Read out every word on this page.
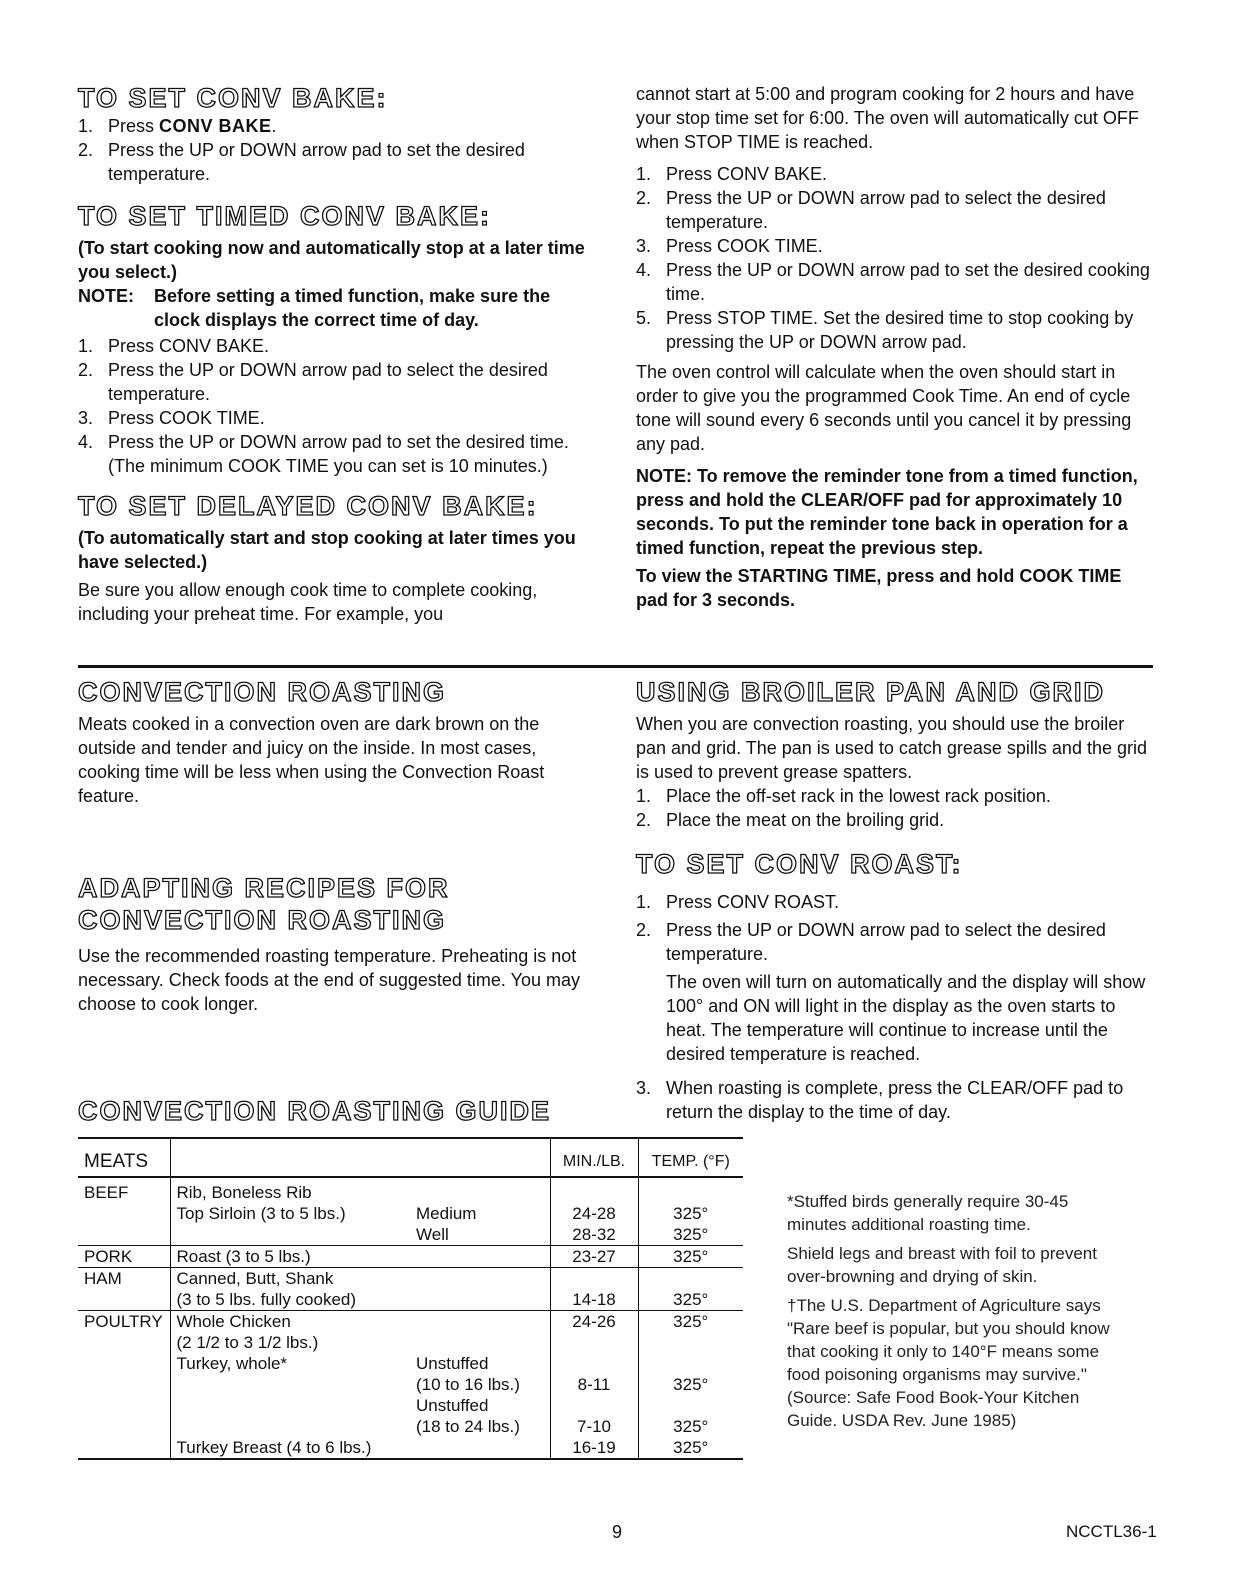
TO SET CONV BAKE:
1. Press CONV BAKE.
2. Press the UP or DOWN arrow pad to set the desired temperature.
TO SET TIMED CONV BAKE:

(To start cooking now and automatically stop at a later time you select.)

NOTE:	Before setting a timed function, make sure the clock displays the correct time of day.
1. Press CONV BAKE.
2. Press the UP or DOWN arrow pad to select the desired temperature.
3. Press COOK TIME.
4. Press the UP or DOWN arrow pad to set the desired time. (The minimum COOK TIME you can set is 10 minutes.)
TO SET DELAYED CONV BAKE:

(To automatically start and stop cooking at later times you have selected.)

Be sure you allow enough cook time to complete cooking, including your preheat time. For example, you

cannot start at 5:00 and program cooking for 2 hours and have your stop time set for 6:00. The oven will automatically cut OFF when STOP TIME is reached.

1. Press CONV BAKE.
2. Press the UP or DOWN arrow pad to select the desired temperature.
3. Press COOK TIME.
4. Press the UP or DOWN arrow pad to set the desired cooking time.
5. Press STOP TIME. Set the desired time to stop cooking by pressing the UP or DOWN arrow pad.

The oven control will calculate when the oven should start in order to give you the programmed Cook Time. An end of cycle tone will sound every 6 seconds until you cancel it by pressing any pad.

NOTE: To remove the reminder tone from a timed function, press and hold the CLEAR/OFF pad for approximately 10 seconds. To put the reminder tone back in operation for a timed function, repeat the previous step.

To view the STARTING TIME, press and hold COOK TIME pad for 3 seconds.

CONVECTION ROASTING

Meats cooked in a convection oven are dark brown on the outside and tender and juicy on the inside. In most cases, cooking time will be less when using the Convection Roast feature.

ADAPTING RECIPES FOR
CONVECTION ROASTING

Use the recommended roasting temperature. Preheating is not necessary. Check foods at the end of suggested time. You may choose to cook longer.

CONVECTION ROASTING GUIDE
USING BROILER PAN AND GRID

When you are convection roasting, you should use the broiler pan and grid. The pan is used to catch grease spills and the grid is used to prevent grease spatters.

1. Place the off-set rack in the lowest rack position.
2. Place the meat on the broiling grid.
TO SET CONV ROAST:
1. Press CONV ROAST.
2. Press the UP or DOWN arrow pad to select the desired temperature.

The oven will turn on automatically and the display will show 100° and ON will light in the display as the oven starts to heat. The temperature will continue to increase until the desired temperature is reached.

3. When roasting is complete, press the CLEAR/OFF pad to return the display to the time of day.
MEATS			MIN./LB.	TEMP. (°F)
BEEF	Rib, Boneless Rib			
	Top Sirloin (3 to 5 lbs.)	Medium	24-28	325°
		Well	28-32	325°
PORK	Roast (3 to 5 lbs.)		23-27	325°
HAM	Canned, Butt, Shank			
	(3 to 5 lbs. fully cooked)		14-18	325°
POULTRY	Whole Chicken		24-26	325°
	(2 1/2 to 3 1/2 lbs.)			
	Turkey, whole*	Unstuffed		
		(10 to 16 lbs.)	8-11	325°
		Unstuffed		
		(18 to 24 lbs.)	7-10	325°
	Turkey Breast (4 to 6 lbs.)		16-19	325°

*Stuffed birds generally require 30-45 minutes additional roasting time.

Shield legs and breast with foil to prevent over-browning and drying of skin.

†The U.S. Department of Agriculture says "Rare beef is popular, but you should know that cooking it only to 140°F means some food poisoning organisms may survive." (Source: Safe Food Book-Your Kitchen Guide. USDA Rev. June 1985)

9	NCCTL36-1
